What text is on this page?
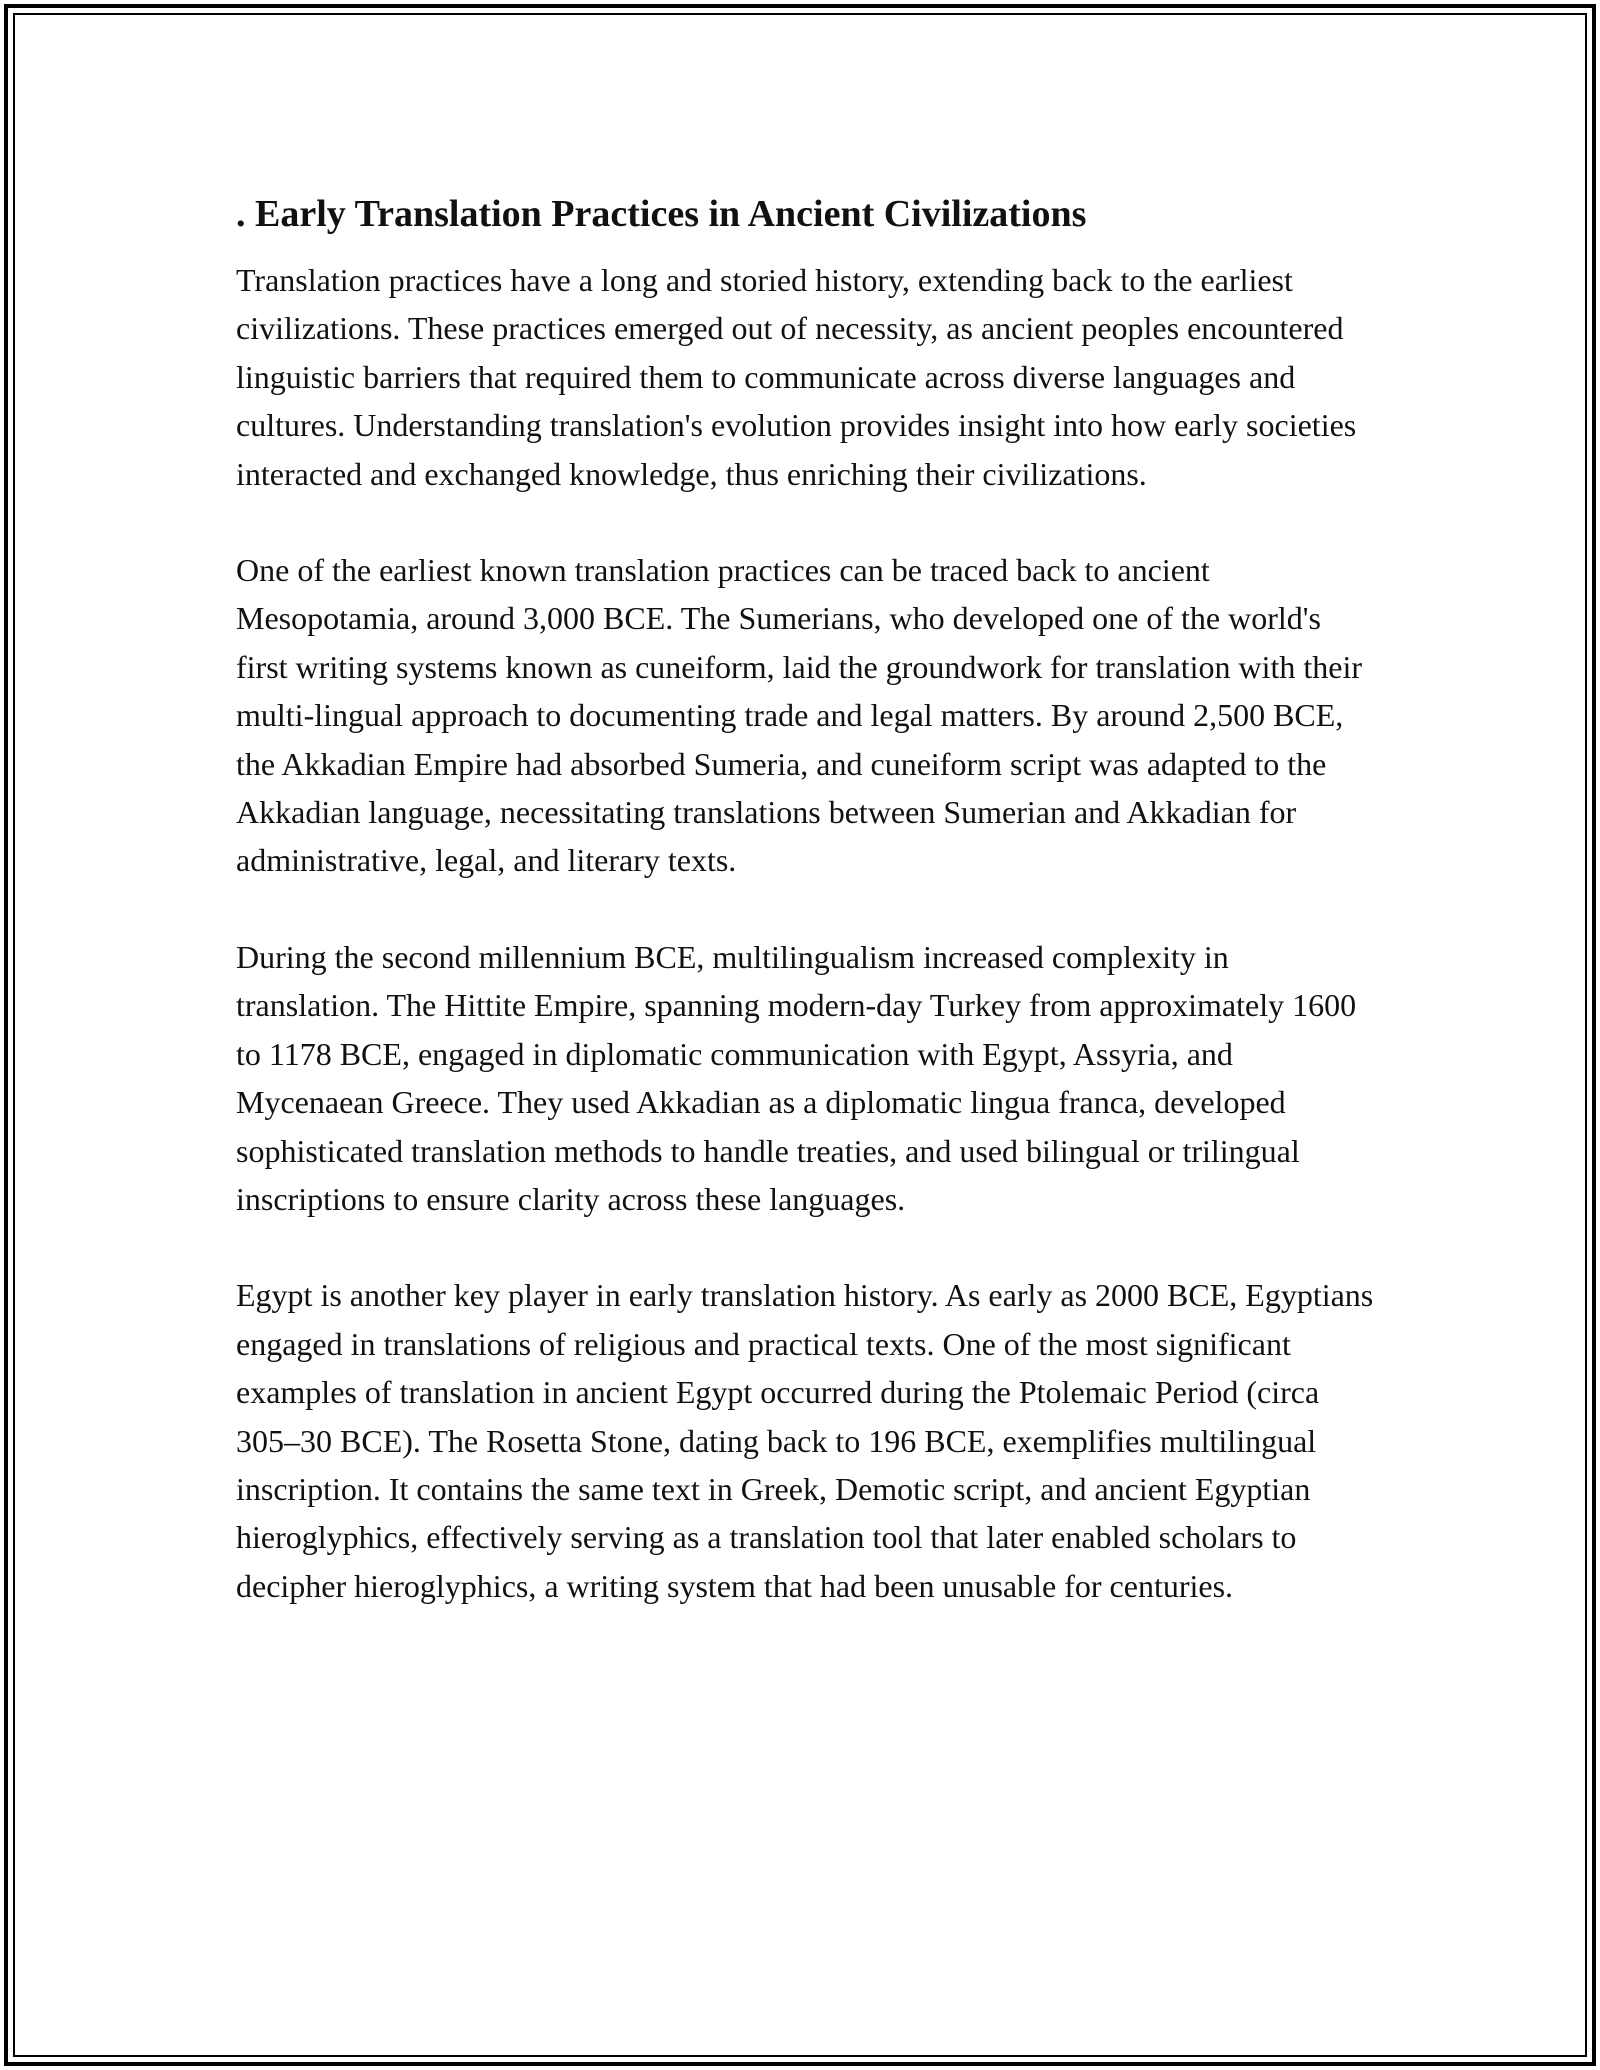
. Early Translation Practices in Ancient Civilizations

Translation practices have a long and storied history, extending back to the earliest civilizations. These practices emerged out of necessity, as ancient peoples encountered linguistic barriers that required them to communicate across diverse languages and cultures. Understanding translation's evolution provides insight into how early societies interacted and exchanged knowledge, thus enriching their civilizations.

One of the earliest known translation practices can be traced back to ancient Mesopotamia, around 3,000 BCE. The Sumerians, who developed one of the world's first writing systems known as cuneiform, laid the groundwork for translation with their multi-lingual approach to documenting trade and legal matters. By around 2,500 BCE, the Akkadian Empire had absorbed Sumeria, and cuneiform script was adapted to the Akkadian language, necessitating translations between Sumerian and Akkadian for administrative, legal, and literary texts.

During the second millennium BCE, multilingualism increased complexity in translation. The Hittite Empire, spanning modern-day Turkey from approximately 1600 to 1178 BCE, engaged in diplomatic communication with Egypt, Assyria, and Mycenaean Greece. They used Akkadian as a diplomatic lingua franca, developed sophisticated translation methods to handle treaties, and used bilingual or trilingual inscriptions to ensure clarity across these languages.

Egypt is another key player in early translation history. As early as 2000 BCE, Egyptians engaged in translations of religious and practical texts. One of the most significant examples of translation in ancient Egypt occurred during the Ptolemaic Period (circa 305–30 BCE). The Rosetta Stone, dating back to 196 BCE, exemplifies multilingual inscription. It contains the same text in Greek, Demotic script, and ancient Egyptian hieroglyphics, effectively serving as a translation tool that later enabled scholars to decipher hieroglyphics, a writing system that had been unusable for centuries.
